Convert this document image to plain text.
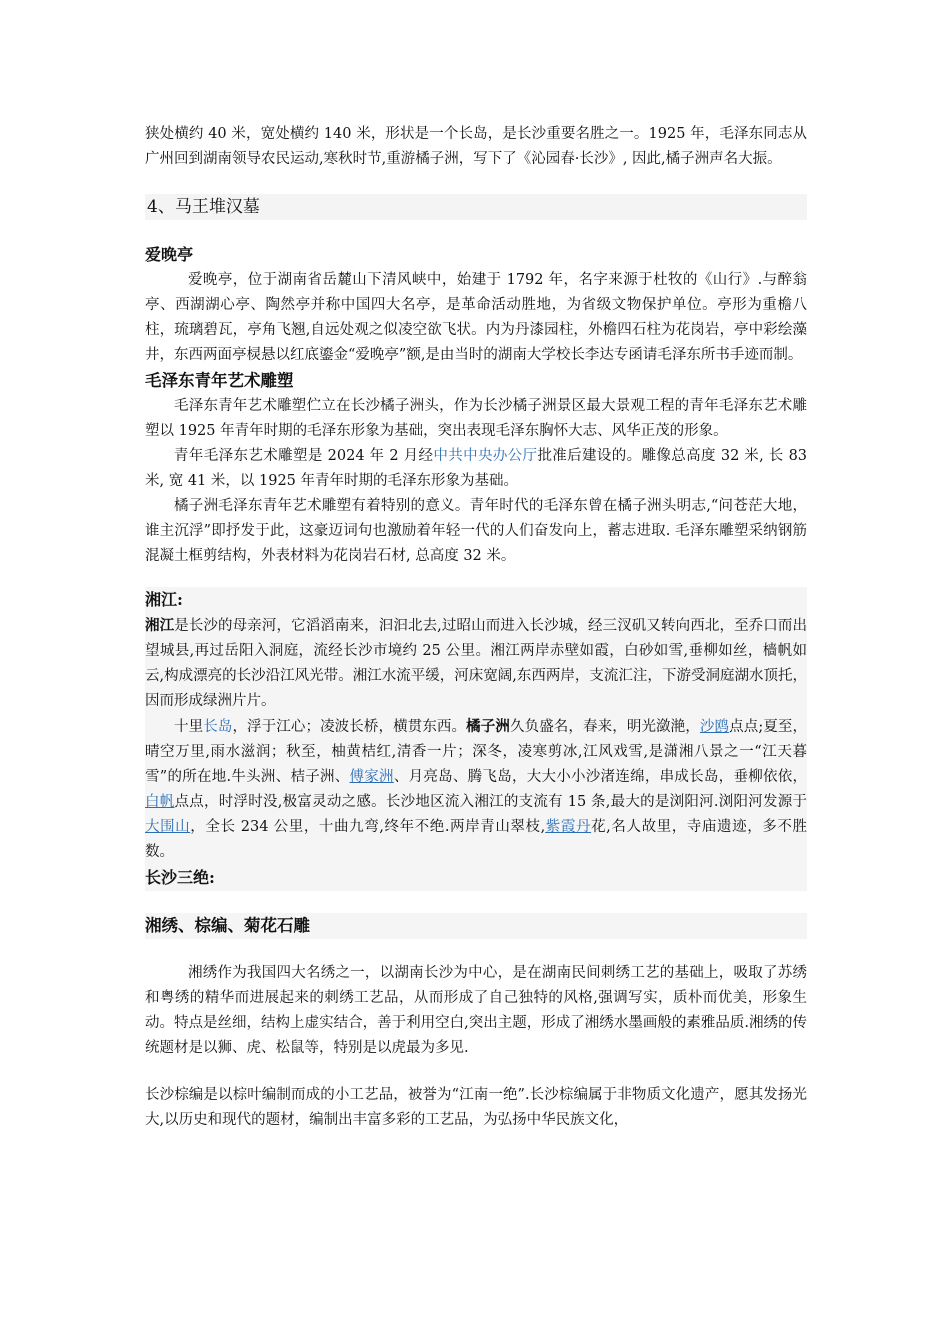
狭处横约 40 米，宽处横约 140 米，形状是一个长岛，是长沙重要名胜之一。1925 年，毛泽东同志从广州回到湖南领导农民运动,寒秋时节,重游橘子洲，写下了《沁园春·长沙》, 因此,橘子洲声名大振。

4、马王堆汉墓
爱晚亭

爱晚亭，位于湖南省岳麓山下清风峡中，始建于 1792 年，名字来源于杜牧的《山行》.与醉翁亭、西湖湖心亭、陶然亭并称中国四大名亭，是革命活动胜地，为省级文物保护单位。亭形为重檐八柱，琉璃碧瓦，亭角飞翘,自远处观之似凌空欲飞状。内为丹漆园柱，外檐四石柱为花岗岩，亭中彩绘藻井，东西两面亭棂悬以红底鎏金“爱晚亭”额,是由当时的湖南大学校长李达专函请毛泽东所书手迹而制。

毛泽东青年艺术雕塑

毛泽东青年艺术雕塑伫立在长沙橘子洲头，作为长沙橘子洲景区最大景观工程的青年毛泽东艺术雕塑以 1925 年青年时期的毛泽东形象为基础，突出表现毛泽东胸怀大志、风华正茂的形象。

青年毛泽东艺术雕塑是 2024 年 2 月经中共中央办公厅批准后建设的。雕像总高度 32 米, 长 83 米, 宽 41 米，以 1925 年青年时期的毛泽东形象为基础。

橘子洲毛泽东青年艺术雕塑有着特别的意义。青年时代的毛泽东曾在橘子洲头明志,“问苍茫大地，谁主沉浮”即抒发于此，这豪迈词句也激励着年轻一代的人们奋发向上，蓄志进取. 毛泽东雕塑采纳钢筋混凝土框剪结构，外表材料为花岗岩石材, 总高度 32 米。

湘江:

湘江是长沙的母亲河，它滔滔南来，汩汩北去,过昭山而进入长沙城，经三汊矶又转向西北，至乔口而出望城县,再过岳阳入洞庭，流经长沙市境约 25 公里。湘江两岸赤壁如霞，白砂如雪,垂柳如丝，樯帆如云,构成漂亮的长沙沿江风光带。湘江水流平缓，河床宽阔,东西两岸，支流汇注，下游受洞庭湖水顶托，因而形成绿洲片片。

十里长岛，浮于江心；凌波长桥，横贯东西。橘子洲久负盛名，春来，明光潋滟，沙鸥点点;夏至，晴空万里,雨水滋润；秋至，柚黄桔红,清香一片；深冬，凌寒剪冰,江风戏雪,是潇湘八景之一“江天暮雪”的所在地.牛头洲、桔子洲、傅家洲、月亮岛、腾飞岛，大大小小沙渚连绵，串成长岛，垂柳依依，白帆点点，时浮时没,极富灵动之感。长沙地区流入湘江的支流有 15 条,最大的是浏阳河.浏阳河发源于大围山，全长 234 公里，十曲九弯,终年不绝.两岸青山翠枝,紫霞丹花,名人故里，寺庙遗迹，多不胜数。

长沙三绝:
湘绣、棕编、菊花石雕

湘绣作为我国四大名绣之一，以湖南长沙为中心，是在湖南民间刺绣工艺的基础上，吸取了苏绣和粤绣的精华而进展起来的刺绣工艺品，从而形成了自己独特的风格,强调写实，质朴而优美，形象生动。特点是丝细，结构上虚实结合，善于利用空白,突出主题，形成了湘绣水墨画般的素雅品质.湘绣的传统题材是以狮、虎、松鼠等，特别是以虎最为多见.

长沙棕编是以棕叶编制而成的小工艺品，被誉为“江南一绝”.长沙棕编属于非物质文化遗产，愿其发扬光大,以历史和现代的题材，编制出丰富多彩的工艺品，为弘扬中华民族文化，
